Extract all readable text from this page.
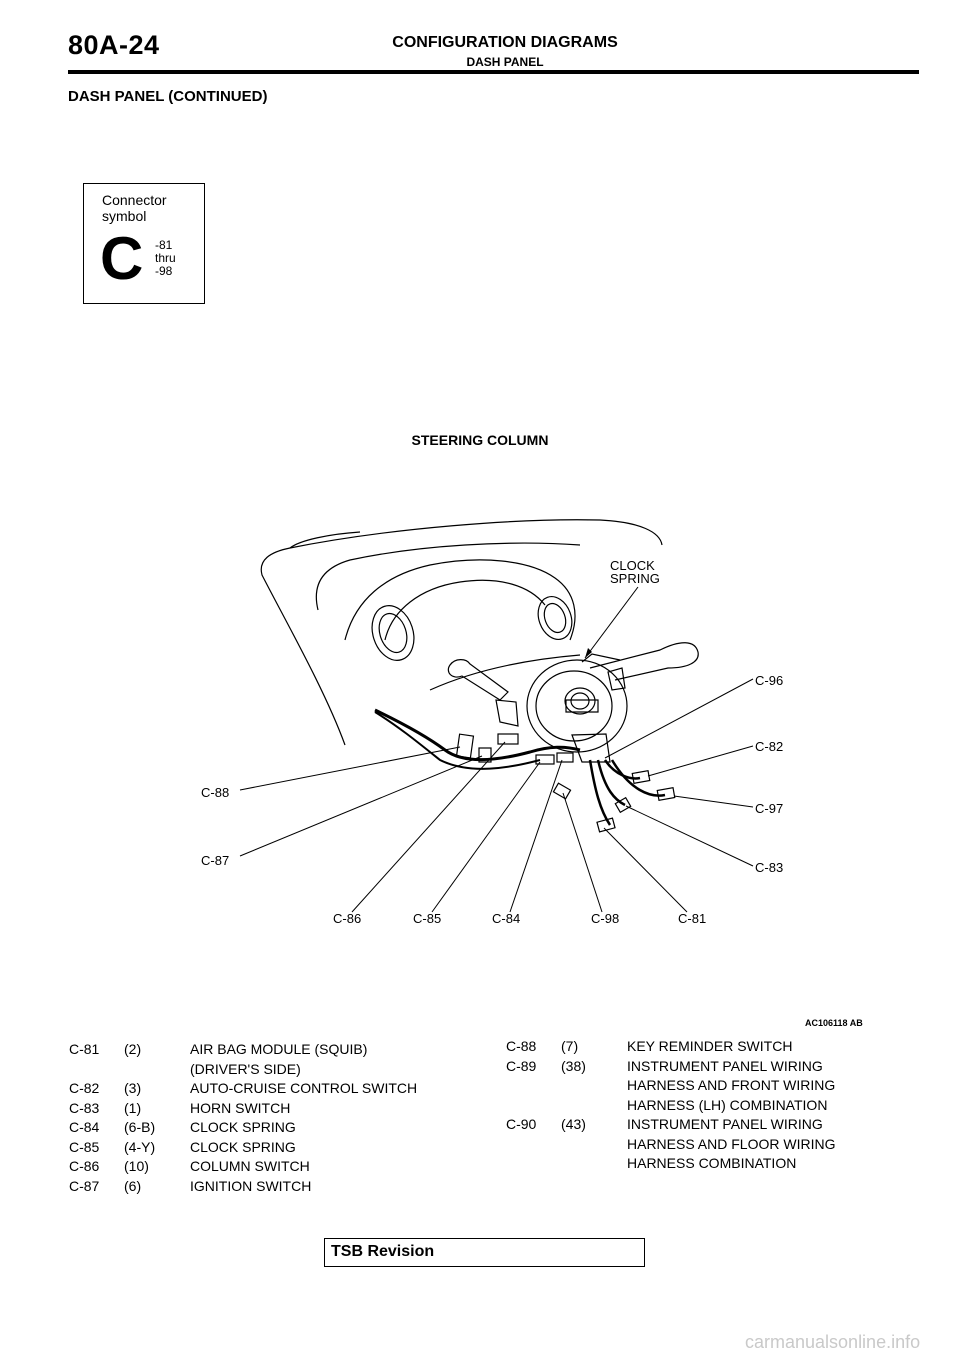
80A-24	CONFIGURATION DIAGRAMS
DASH PANEL
DASH PANEL (CONTINUED)
Connector
symbol
C -81
thru
-98
STEERING COLUMN
CLOCK
SPRING
C-96
C-82
C-97
C-83
C-88
C-87
C-86	C-85	C-84	C-98	C-81
AC106118 AB
C-81	(2)	AIR BAG MODULE (SQUIB)
(DRIVER'S SIDE)
C-82	(3)	AUTO-CRUISE CONTROL SWITCH
C-83	(1)	HORN SWITCH
C-84	(6-B)	CLOCK SPRING
C-85	(4-Y)	CLOCK SPRING
C-86	(10)	COLUMN SWITCH
C-87	(6)	IGNITION SWITCH
C-88	(7)	KEY REMINDER SWITCH
C-89	(38)	INSTRUMENT PANEL WIRING
HARNESS AND FRONT WIRING
HARNESS (LH) COMBINATION
C-90	(43)	INSTRUMENT PANEL WIRING
HARNESS AND FLOOR WIRING
HARNESS COMBINATION
TSB Revision
carmanualsonline.info
